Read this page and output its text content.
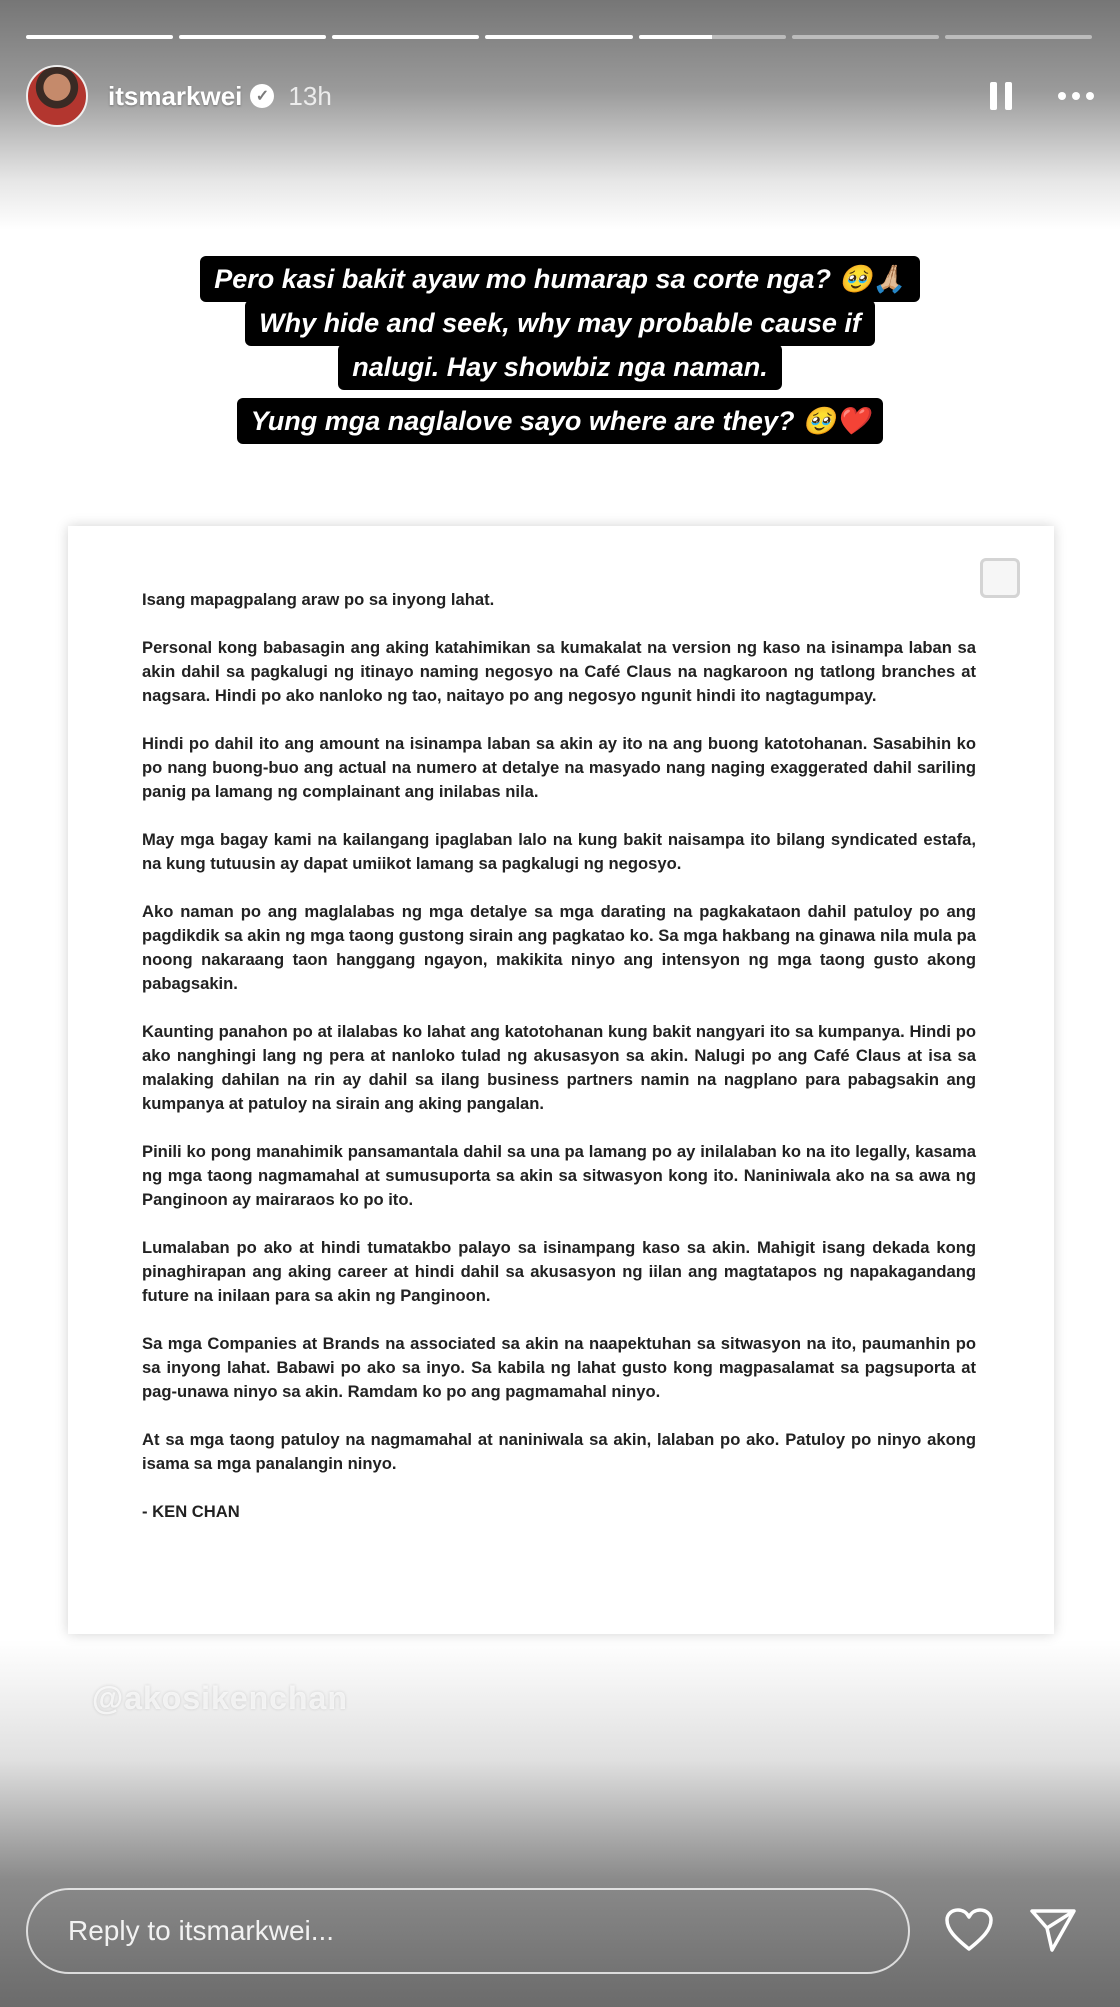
itsmarkwei ✓ 13h
Pero kasi bakit ayaw mo humarap sa corte nga? 🥹🙏🏼
Why hide and seek, why may probable cause if
nalugi. Hay showbiz nga naman.
Yung mga naglalove sayo where are they? 🥹❤️

Isang mapagpalang araw po sa inyong lahat.

Personal kong babasagin ang aking katahimikan sa kumakalat na version ng kaso na isinampa laban sa akin dahil sa pagkalugi ng itinayo naming negosyo na Café Claus na nagkaroon ng tatlong branches at nagsara. Hindi po ako nanloko ng tao, naitayo po ang negosyo ngunit hindi ito nagtagumpay.

Hindi po dahil ito ang amount na isinampa laban sa akin ay ito na ang buong katotohanan. Sasabihin ko po nang buong-buo ang actual na numero at detalye na masyado nang naging exaggerated dahil sariling panig pa lamang ng complainant ang inilabas nila.

May mga bagay kami na kailangang ipaglaban lalo na kung bakit naisampa ito bilang syndicated estafa, na kung tutuusin ay dapat umiikot lamang sa pagkalugi ng negosyo.

Ako naman po ang maglalabas ng mga detalye sa mga darating na pagkakataon dahil patuloy po ang pagdikdik sa akin ng mga taong gustong sirain ang pagkatao ko. Sa mga hakbang na ginawa nila mula pa noong nakaraang taon hanggang ngayon, makikita ninyo ang intensyon ng mga taong gusto akong pabagsakin.

Kaunting panahon po at ilalabas ko lahat ang katotohanan kung bakit nangyari ito sa kumpanya. Hindi po ako nanghingi lang ng pera at nanloko tulad ng akusasyon sa akin. Nalugi po ang Café Claus at isa sa malaking dahilan na rin ay dahil sa ilang business partners namin na nagplano para pabagsakin ang kumpanya at patuloy na sirain ang aking pangalan.

Pinili ko pong manahimik pansamantala dahil sa una pa lamang po ay inilalaban ko na ito legally, kasama ng mga taong nagmamahal at sumusuporta sa akin sa sitwasyon kong ito. Naniniwala ako na sa awa ng Panginoon ay mairaraos ko po ito.

Lumalaban po ako at hindi tumatakbo palayo sa isinampang kaso sa akin. Mahigit isang dekada kong pinaghirapan ang aking career at hindi dahil sa akusasyon ng iilan ang magtatapos ng napakagandang future na inilaan para sa akin ng Panginoon.

Sa mga Companies at Brands na associated sa akin na naapektuhan sa sitwasyon na ito, paumanhin po sa inyong lahat. Babawi po ako sa inyo. Sa kabila ng lahat gusto kong magpasalamat sa pagsuporta at pag-unawa ninyo sa akin. Ramdam ko po ang pagmamahal ninyo.

At sa mga taong patuloy na nagmamahal at naniniwala sa akin, lalaban po ako. Patuloy po ninyo akong isama sa mga panalangin ninyo.

- KEN CHAN

@akosikenchan
Reply to itsmarkwei...
